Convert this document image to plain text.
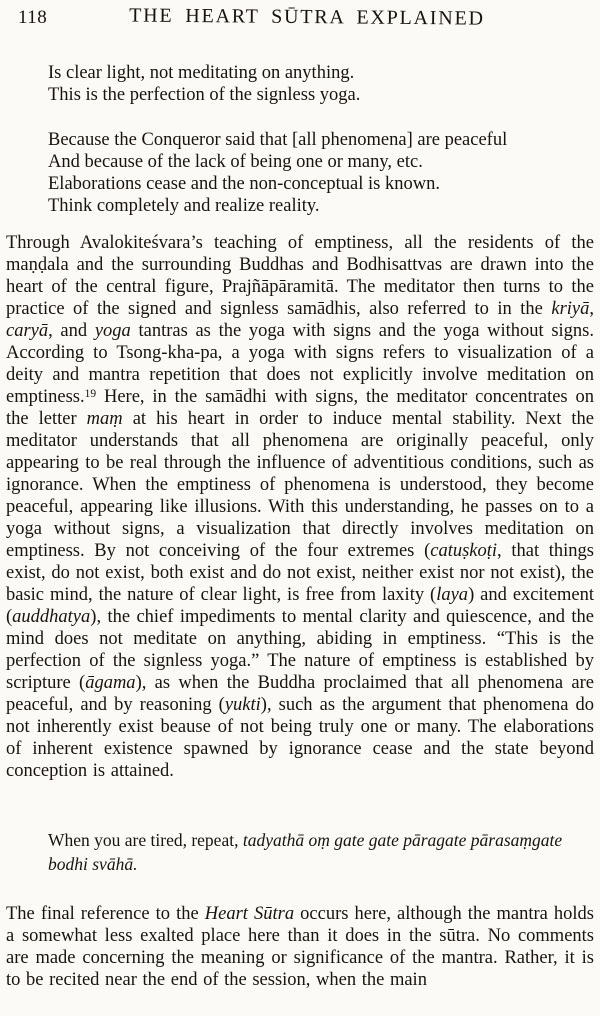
118	THE HEART SŪTRA EXPLAINED
Is clear light, not meditating on anything.
This is the perfection of the signless yoga.
Because the Conqueror said that [all phenomena] are peaceful
And because of the lack of being one or many, etc.
Elaborations cease and the non-conceptual is known.
Think completely and realize reality.

Through Avalokiteśvara’s teaching of emptiness, all the residents of the maṇḍala and the surrounding Buddhas and Bodhisattvas are drawn into the heart of the central figure, Prajñāpāramitā. The meditator then turns to the practice of the signed and signless samādhis, also referred to in the kriyā, caryā, and yoga tantras as the yoga with signs and the yoga without signs. According to Tsong-kha-pa, a yoga with signs refers to visualization of a deity and mantra repetition that does not explicitly involve meditation on emptiness.$^{19}$ Here, in the samādhi with signs, the meditator concentrates on the letter maṃ at his heart in order to induce mental stability. Next the meditator understands that all phenomena are originally peaceful, only appearing to be real through the influence of adventitious conditions, such as ignorance. When the emptiness of phenomena is understood, they become peaceful, appearing like illusions. With this understanding, he passes on to a yoga without signs, a visualization that directly involves meditation on emptiness. By not conceiving of the four extremes (catuṣkoṭi, that things exist, do not exist, both exist and do not exist, neither exist nor not exist), the basic mind, the nature of clear light, is free from laxity (laya) and excitement (auddhatya), the chief impediments to mental clarity and quiescence, and the mind does not meditate on anything, abiding in emptiness. “This is the perfection of the signless yoga.” The nature of emptiness is established by scripture (āgama), as when the Buddha proclaimed that all phenomena are peaceful, and by reasoning (yukti), such as the argument that phenomena do not inherently exist beause of not being truly one or many. The elaborations of inherent existence spawned by ignorance cease and the state beyond conception is attained.

When you are tired, repeat, tadyathā oṃ gate gate pāragate pārasaṃgate
bodhi svāhā.

The final reference to the Heart Sūtra occurs here, although the mantra holds a somewhat less exalted place here than it does in the sūtra. No comments are made concerning the meaning or significance of the mantra. Rather, it is to be recited near the end of the session, when the main
